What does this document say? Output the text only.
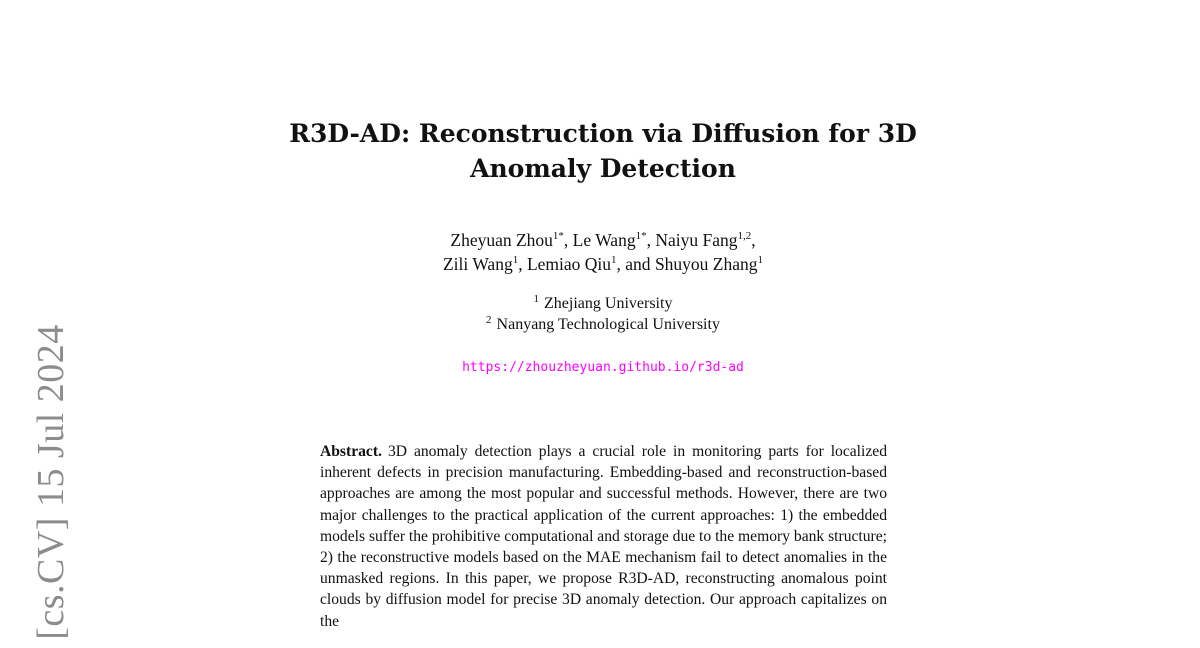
[cs.CV] 15 Jul 2024
R3D-AD: Reconstruction via Diffusion for 3D
Anomaly Detection
Zheyuan Zhou$^{1*}$, Le Wang$^{1*}$, Naiyu Fang$^{1,2}$,
Zili Wang$^1$, Lemiao Qiu$^1$, and Shuyou Zhang$^1$
$^1$ Zhejiang University
$^2$ Nanyang Technological University
https://zhouzheyuan.github.io/r3d-ad

Abstract. 3D anomaly detection plays a crucial role in monitoring parts for localized inherent defects in precision manufacturing. Embedding-based and reconstruction-based approaches are among the most popular and successful methods. However, there are two major challenges to the practical application of the current approaches: 1) the embedded models suffer the prohibitive computational and storage due to the memory bank structure; 2) the reconstructive models based on the MAE mechanism fail to detect anomalies in the unmasked regions. In this paper, we propose R3D-AD, reconstructing anomalous point clouds by diffusion model for precise 3D anomaly detection. Our approach capitalizes on the
